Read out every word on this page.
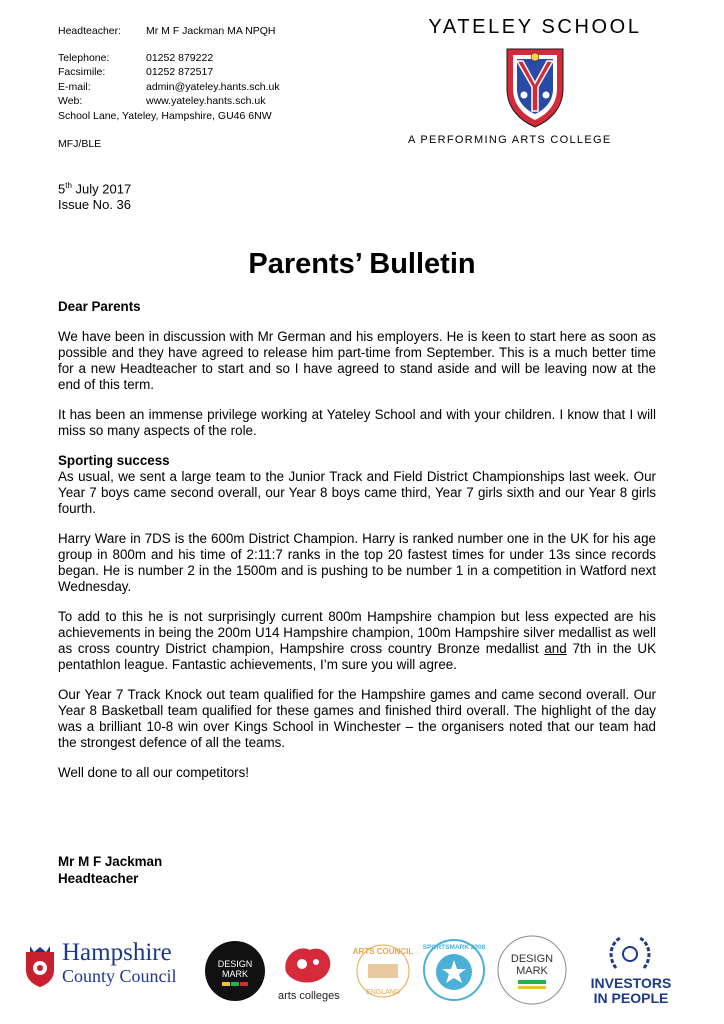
Headteacher:	Mr M F Jackman MA NPQH
Telephone:	01252 879222
Facsimile:	01252 872517
E-mail:	admin@yateley.hants.sch.uk
Web:	www.yateley.hants.sch.uk
School Lane, Yateley, Hampshire, GU46 6NW
MFJ/BLE
YATELEY SCHOOL
A PERFORMING ARTS COLLEGE
5th July 2017
Issue No. 36
Parents’ Bulletin

Dear Parents

We have been in discussion with Mr German and his employers. He is keen to start here as soon as possible and they have agreed to release him part-time from September. This is a much better time for a new Headteacher to start and so I have agreed to stand aside and will be leaving now at the end of this term.

It has been an immense privilege working at Yateley School and with your children. I know that I will miss so many aspects of the role.

Sporting success

As usual, we sent a large team to the Junior Track and Field District Championships last week. Our Year 7 boys came second overall, our Year 8 boys came third, Year 7 girls sixth and our Year 8 girls fourth.

Harry Ware in 7DS is the 600m District Champion. Harry is ranked number one in the UK for his age group in 800m and his time of 2:11:7 ranks in the top 20 fastest times for under 13s since records began. He is number 2 in the 1500m and is pushing to be number 1 in a competition in Watford next Wednesday.

To add to this he is not surprisingly current 800m Hampshire champion but less expected are his achievements in being the 200m U14 Hampshire champion, 100m Hampshire silver medallist as well as cross country District champion, Hampshire cross country Bronze medallist and 7th in the UK pentathlon league. Fantastic achievements, I’m sure you will agree.

Our Year 7 Track Knock out team qualified for the Hampshire games and came second overall. Our Year 8 Basketball team qualified for these games and finished third overall. The highlight of the day was a brilliant 10-8 win over Kings School in Winchester – the organisers noted that our team had the strongest defence of all the teams.

Well done to all our competitors!

Mr M F Jackman
Headteacher
Hampshire
County Council
DESIGN
MARK
arts colleges
ARTS COUNCIL
ENGLAND
SPORTSMARK 2008
DESIGN
MARK
INVESTORS
IN PEOPLE
